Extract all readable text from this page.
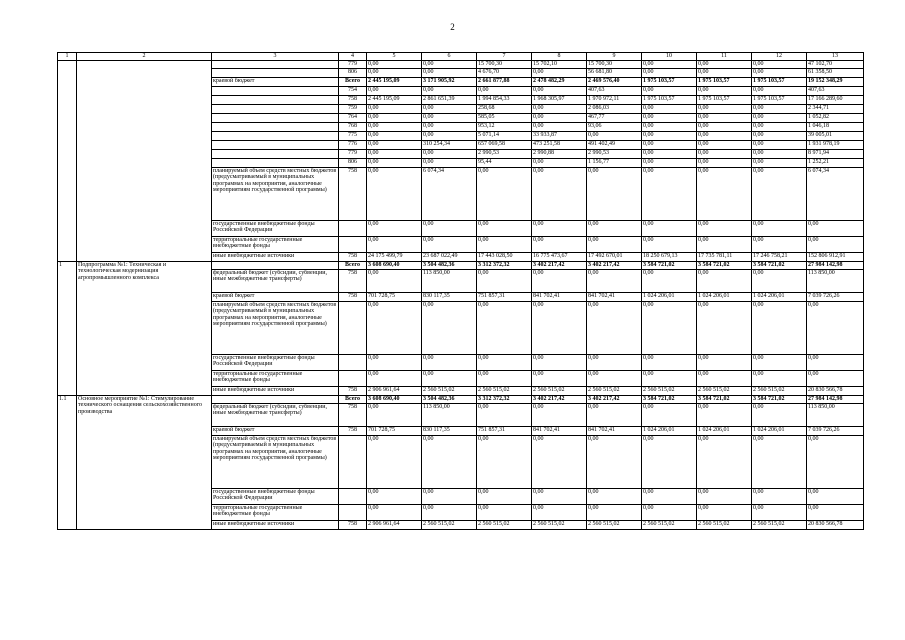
2
1	2	3	4	5	6	7	8	9	10	11	12	13
			779	0,00	0,00	15 700,30	15 702,10	15 700,30	0,00	0,00	0,00	47 102,70
			806	0,00	0,00	4 676,70	0,00	56 681,80	0,00	0,00	0,00	61 358,50
		краевой бюджет	Всего	2 445 195,09	3 171 905,92	2 661 877,88	2 478 482,29	2 469 576,40	1 975 103,57	1 975 103,57	1 975 103,57	19 152 348,29
			754	0,00	0,00	0,00	0,00	407,63	0,00	0,00	0,00	407,63
			758	2 445 195,09	2 861 651,39	1 994 854,33	1 968 305,97	1 970 972,11	1 975 103,57	1 975 103,57	1 975 103,57	17 166 289,60
			759	0,00	0,00	258,68	0,00	2 086,03	0,00	0,00	0,00	2 344,71
			764	0,00	0,00	585,05	0,00	467,77	0,00	0,00	0,00	1 052,82
			768	0,00	0,00	953,12	0,00	93,06	0,00	0,00	0,00	1 046,18
			775	0,00	0,00	5 071,14	33 933,87	0,00	0,00	0,00	0,00	39 005,01
			776	0,00	310 254,34	657 069,58	473 251,58	491 402,49	0,00	0,00	0,00	1 931 978,19
			779	0,00	0,00	2 990,53	2 990,88	2 990,53	0,00	0,00	0,00	8 971,94
			806	0,00	0,00	95,44	0,00	1 156,77	0,00	0,00	0,00	1 252,21
		планируемый объем средств местных бюджетов (предусматриваемый в муниципальных программах на мероприятия, аналогичные мероприятиям государственной программы)	758	0,00	6 074,34	0,00	0,00	0,00	0,00	0,00	0,00	6 074,34
		государственные внебюджетные фонды Российской Федерации		0,00	0,00	0,00	0,00	0,00	0,00	0,00	0,00	0,00
		территориальные государственные внебюджетные фонды		0,00	0,00	0,00	0,00	0,00	0,00	0,00	0,00	0,00
		иные внебюджетные источники	758	24 175 499,79	23 687 022,49	17 443 028,50	16 775 473,67	17 492 670,01	18 250 679,13	17 735 781,11	17 246 758,21	152 806 912,91
1	Подпрограмма №1: Техническая и технологическая модернизация агропромышленного комплекса		Всего	3 608 690,40	3 504 482,36	3 312 372,32	3 402 217,42	3 402 217,42	3 584 721,02	3 584 721,02	3 584 721,02	27 984 142,98
		федеральный бюджет (субсидии, субвенции, иные межбюджетные трансферты)	758	0,00	113 850,00	0,00	0,00	0,00	0,00	0,00	0,00	113 850,00
		краевой бюджет	758	701 728,75	830 117,35	751 857,31	841 702,41	841 702,41	1 024 206,01	1 024 206,01	1 024 206,01	7 039 726,26
		планируемый объем средств местных бюджетов (предусматриваемый в муниципальных программах на мероприятия, аналогичные мероприятиям государственной программы)		0,00	0,00	0,00	0,00	0,00	0,00	0,00	0,00	0,00
		государственные внебюджетные фонды Российской Федерации		0,00	0,00	0,00	0,00	0,00	0,00	0,00	0,00	0,00
		территориальные государственные внебюджетные фонды		0,00	0,00	0,00	0,00	0,00	0,00	0,00	0,00	0,00
		иные внебюджетные источники	758	2 906 961,64	2 560 515,02	2 560 515,02	2 560 515,02	2 560 515,02	2 560 515,02	2 560 515,02	2 560 515,02	20 830 566,78
1.1	Основное мероприятие №1: Стимулирование технического оснащения сельскохозяйственного производства		Всего	3 608 690,40	3 504 482,36	3 312 372,32	3 402 217,42	3 402 217,42	3 584 721,02	3 584 721,02	3 584 721,02	27 984 142,98
		федеральный бюджет (субсидии, субвенции, иные межбюджетные трансферты)	758	0,00	113 850,00	0,00	0,00	0,00	0,00	0,00	0,00	113 850,00
		краевой бюджет	758	701 728,75	830 117,35	751 857,31	841 702,41	841 702,41	1 024 206,01	1 024 206,01	1 024 206,01	7 039 726,26
		планируемый объем средств местных бюджетов (предусматриваемый в муниципальных программах на мероприятия, аналогичные мероприятиям государственной программы)		0,00	0,00	0,00	0,00	0,00	0,00	0,00	0,00	0,00
		государственные внебюджетные фонды Российской Федерации		0,00	0,00	0,00	0,00	0,00	0,00	0,00	0,00	0,00
		территориальные государственные внебюджетные фонды		0,00	0,00	0,00	0,00	0,00	0,00	0,00	0,00	0,00
		иные внебюджетные источники	758	2 906 961,64	2 560 515,02	2 560 515,02	2 560 515,02	2 560 515,02	2 560 515,02	2 560 515,02	2 560 515,02	20 830 566,78
